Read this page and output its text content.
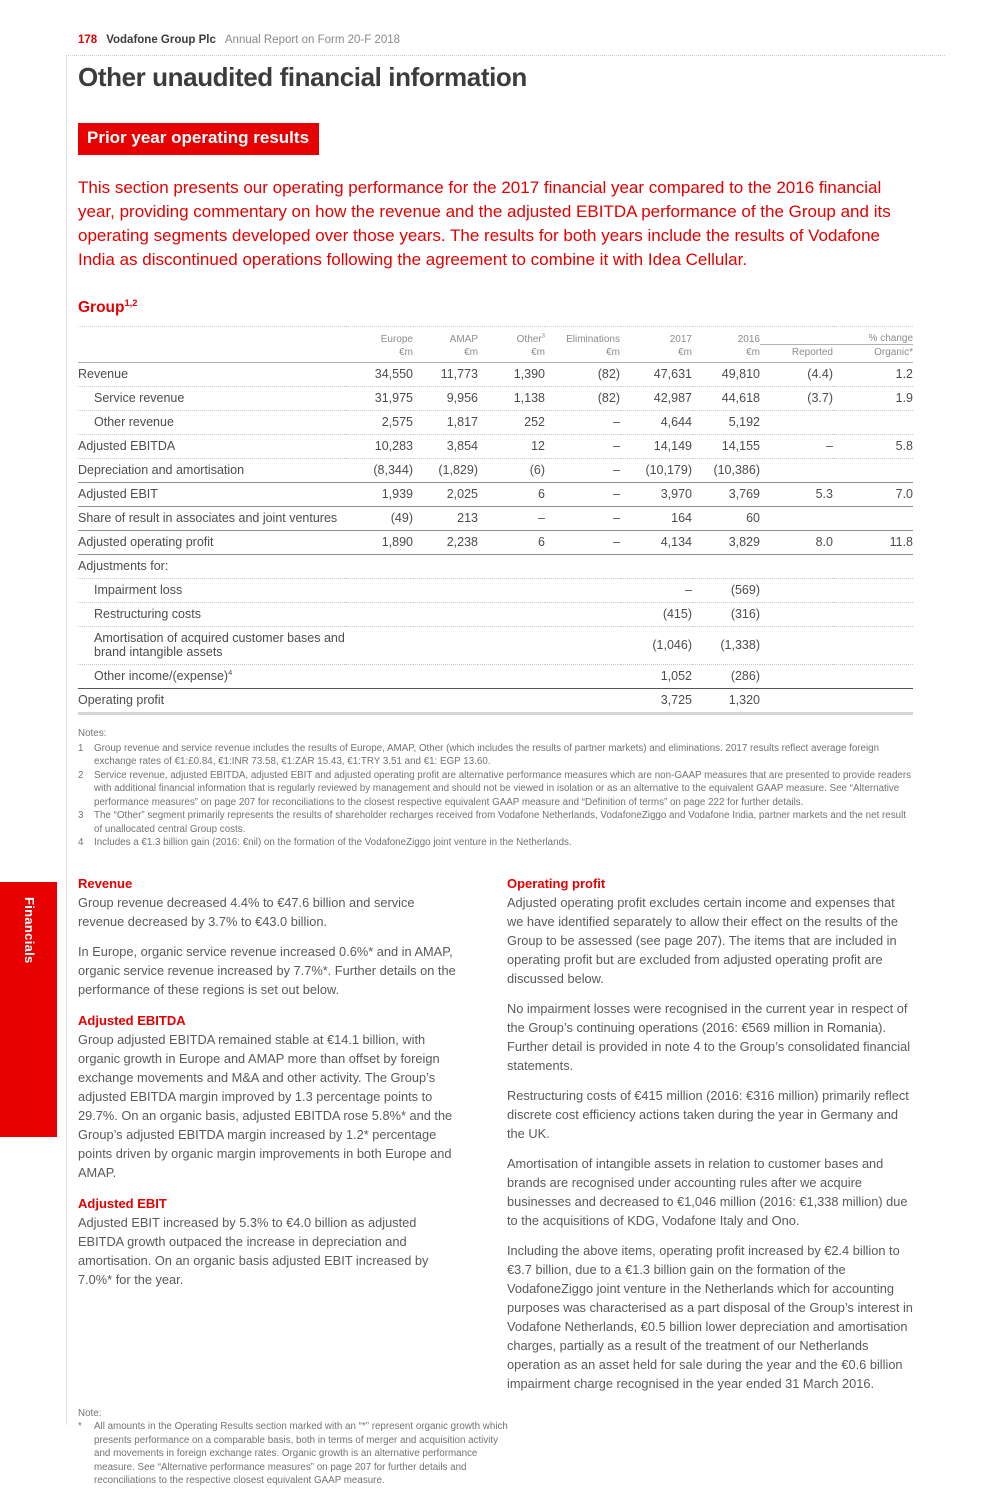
178 Vodafone Group Plc Annual Report on Form 20-F 2018
Financials
Other unaudited financial information
Prior year operating results

This section presents our operating performance for the 2017 financial year compared to the 2016 financial year, providing commentary on how the revenue and the adjusted EBITDA performance of the Group and its operating segments developed over those years. The results for both years include the results of Vodafone India as discontinued operations following the agreement to combine it with Idea Cellular.

Group$^{1,2}$
	Europe	AMAP	Other$^3$	Eliminations	2017	2016	% change	
	€m	€m	€m	€m	€m	€m	Reported	Organic*
Revenue	34,550	11,773	1,390	(82)	47,631	49,810	(4.4)	1.2
Service revenue	31,975	9,956	1,138	(82)	42,987	44,618	(3.7)	1.9
Other revenue	2,575	1,817	252	–	4,644	5,192		
Adjusted EBITDA	10,283	3,854	12	–	14,149	14,155	–	5.8
Depreciation and amortisation	(8,344)	(1,829)	(6)	–	(10,179)	(10,386)		
Adjusted EBIT	1,939	2,025	6	–	3,970	3,769	5.3	7.0
Share of result in associates and joint ventures	(49)	213	–	–	164	60		
Adjusted operating profit	1,890	2,238	6	–	4,134	3,829	8.0	11.8
Adjustments for:								
Impairment loss					–	(569)		
Restructuring costs					(415)	(316)		
Amortisation of acquired customer bases and brand intangible assets					(1,046)	(1,338)		
Other income/(expense)$^4$					1,052	(286)		
Operating profit					3,725	1,320		
Notes:
1	Group revenue and service revenue includes the results of Europe, AMAP, Other (which includes the results of partner markets) and eliminations. 2017 results reflect average foreign exchange rates of €1:£0.84, €1:INR 73.58, €1:ZAR 15.43, €1:TRY 3.51 and €1: EGP 13.60.
2	Service revenue, adjusted EBITDA, adjusted EBIT and adjusted operating profit are alternative performance measures which are non-GAAP measures that are presented to provide readers with additional financial information that is regularly reviewed by management and should not be viewed in isolation or as an alternative to the equivalent GAAP measure. See “Alternative performance measures” on page 207 for reconciliations to the closest respective equivalent GAAP measure and “Definition of terms” on page 222 for further details.
3	The “Other” segment primarily represents the results of shareholder recharges received from Vodafone Netherlands, VodafoneZiggo and Vodafone India, partner markets and the net result of unallocated central Group costs.
4	Includes a €1.3 billion gain (2016: €nil) on the formation of the VodafoneZiggo joint venture in the Netherlands.
Revenue

Group revenue decreased 4.4% to €47.6 billion and service revenue decreased by 3.7% to €43.0 billion.

In Europe, organic service revenue increased 0.6%* and in AMAP, organic service revenue increased by 7.7%*. Further details on the performance of these regions is set out below.

Adjusted EBITDA

Group adjusted EBITDA remained stable at €14.1 billion, with organic growth in Europe and AMAP more than offset by foreign exchange movements and M&A and other activity. The Group’s adjusted EBITDA margin improved by 1.3 percentage points to 29.7%. On an organic basis, adjusted EBITDA rose 5.8%* and the Group’s adjusted EBITDA margin increased by 1.2* percentage points driven by organic margin improvements in both Europe and AMAP.

Adjusted EBIT

Adjusted EBIT increased by 5.3% to €4.0 billion as adjusted EBITDA growth outpaced the increase in depreciation and amortisation. On an organic basis adjusted EBIT increased by 7.0%* for the year.

Operating profit

Adjusted operating profit excludes certain income and expenses that we have identified separately to allow their effect on the results of the Group to be assessed (see page 207). The items that are included in operating profit but are excluded from adjusted operating profit are discussed below.

No impairment losses were recognised in the current year in respect of the Group’s continuing operations (2016: €569 million in Romania). Further detail is provided in note 4 to the Group’s consolidated financial statements.

Restructuring costs of €415 million (2016: €316 million) primarily reflect discrete cost efficiency actions taken during the year in Germany and the UK.

Amortisation of intangible assets in relation to customer bases and brands are recognised under accounting rules after we acquire businesses and decreased to €1,046 million (2016: €1,338 million) due to the acquisitions of KDG, Vodafone Italy and Ono.

Including the above items, operating profit increased by €2.4 billion to €3.7 billion, due to a €1.3 billion gain on the formation of the VodafoneZiggo joint venture in the Netherlands which for accounting purposes was characterised as a part disposal of the Group’s interest in Vodafone Netherlands, €0.5 billion lower depreciation and amortisation charges, partially as a result of the treatment of our Netherlands operation as an asset held for sale during the year and the €0.6 billion impairment charge recognised in the year ended 31 March 2016.

Note:
*	All amounts in the Operating Results section marked with an “*” represent organic growth which presents performance on a comparable basis, both in terms of merger and acquisition activity and movements in foreign exchange rates. Organic growth is an alternative performance measure. See “Alternative performance measures” on page 207 for further details and reconciliations to the respective closest equivalent GAAP measure.
